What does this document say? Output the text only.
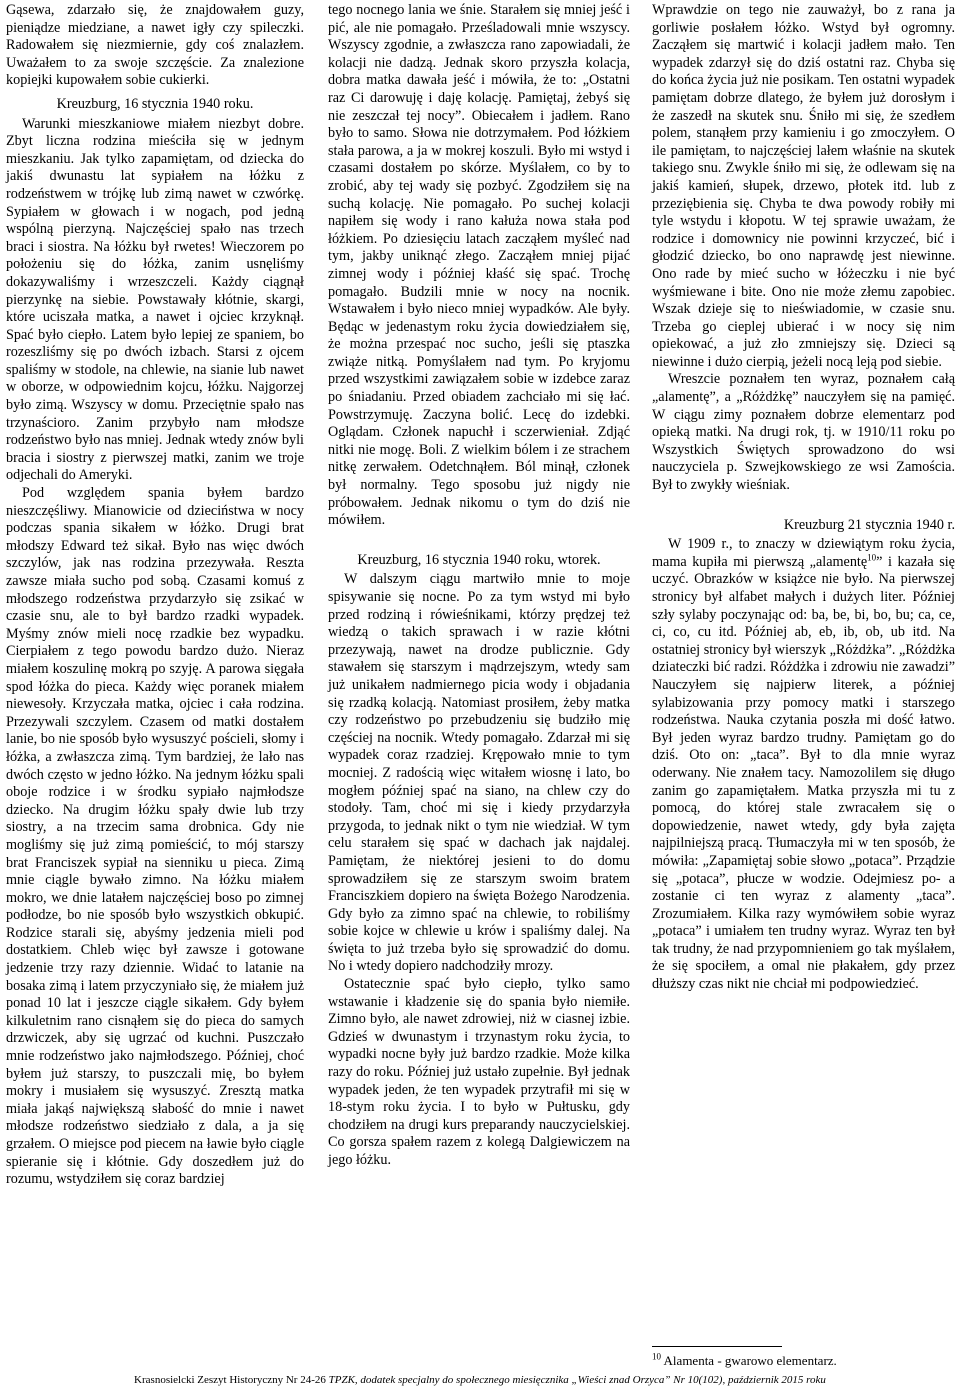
Gąsewa, zdarzało się, że znajdowałem guzy, pieniądze miedziane, a nawet igły czy spileczki. Radowałem się niezmiernie, gdy coś znalazłem. Uważałem to za swoje szczęście. Za znalezione kopiejki kupowałem sobie cukierki.

Kreuzburg, 16 stycznia 1940 roku.

Warunki mieszkaniowe miałem niezbyt dobre. Zbyt liczna rodzina mieściła się w jednym mieszkaniu. Jak tylko zapamiętam, od dziecka do jakiś dwunastu lat sypiałem na łóżku z rodzeństwem w trójkę lub zimą nawet w czwórkę. Sypiałem w głowach i w nogach, pod jedną wspólną pierzyną. Najczęściej spało nas trzech braci i siostra. Na łóżku był rwetes! Wieczorem po położeniu się do łóżka, zanim usnęliśmy dokazywaliśmy i wrzeszczeli. Każdy ciągnął pierzynkę na siebie. Powstawały kłótnie, skargi, które uciszała matka, a nawet i ojciec krzyknął. Spać było ciepło. Latem było lepiej ze spaniem, bo rozeszliśmy się po dwóch izbach. Starsi z ojcem spaliśmy w stodole, na chlewie, na sianie lub nawet w oborze, w odpowiednim kojcu, łóżku. Najgorzej było zimą. Wszyscy w domu. Przeciętnie spało nas trzynaścioro. Zanim przybyło nam młodsze rodzeństwo było nas mniej. Jednak wtedy znów byli bracia i siostry z pierwszej matki, zanim we troje odjechali do Ameryki.

Pod względem spania byłem bardzo nieszczęśliwy. Mianowicie od dzieciństwa w nocy podczas spania sikałem w łóżko. Drugi brat młodszy Edward też sikał. Było nas więc dwóch szczylów, jak nas rodzina przezywała. Reszta zawsze miała sucho pod sobą. Czasami komuś z młodszego rodzeństwa przydarzyło się zsikać w czasie snu, ale to był bardzo rzadki wypadek. Myśmy znów mieli nocę rzadkie bez wypadku. Cierpiałem z tego powodu bardzo dużo. Nieraz miałem koszulinę mokrą po szyję. A parowa sięgała spod łóżka do pieca. Każdy więc poranek miałem niewesoły. Krzyczała matka, ojciec i cała rodzina. Przezywali szczylem. Czasem od matki dostałem lanie, bo nie sposób było wysuszyć pościeli, słomy i łóżka, a zwłaszcza zimą. Tym bardziej, że lało nas dwóch często w jedno łóżko. Na jednym łóżku spali oboje rodzice i w środku sypiało najmłodsze dziecko. Na drugim łóżku spały dwie lub trzy siostry, a na trzecim sama drobnica. Gdy nie mogliśmy się już zimą pomieścić, to mój starszy brat Franciszek sypiał na sienniku u pieca. Zimą mnie ciągle bywało zimno. Na łóżku miałem mokro, we dnie latałem najczęściej boso po zimnej podłodze, bo nie sposób było wszystkich obkupić. Rodzice starali się, abyśmy jedzenia mieli pod dostatkiem. Chleb więc był zawsze i gotowane jedzenie trzy razy dziennie. Widać to latanie na bosaka zimą i latem przyczyniało się, że miałem już ponad 10 lat i jeszcze ciągle sikałem. Gdy byłem kilkuletnim rano cisnąłem się do pieca do samych drzwiczek, aby się ugrzać od kuchni. Puszczało mnie rodzeństwo jako najmłodszego. Później, choć byłem już starszy, to puszczali mię, bo byłem mokry i musiałem się wysuszyć. Zresztą matka miała jakąś największą słabość do mnie i nawet młodsze rodzeństwo siedziało z dala, a ja się grzałem. O miejsce pod piecem na ławie było ciągle spieranie się i kłótnie. Gdy doszedłem już do rozumu, wstydziłem się coraz bardziej

tego nocnego lania we śnie. Starałem się mniej jeść i pić, ale nie pomagało. Prześladowali mnie wszyscy. Wszyscy zgodnie, a zwłaszcza rano zapowiadali, że kolacji nie dadzą. Jednak skoro przyszła kolacja, dobra matka dawała jeść i mówiła, że to: „Ostatni raz Ci darowuję i daję kolację. Pamiętaj, żebyś się nie zeszczał tej nocy”. Obiecałem i jadłem. Rano było to samo. Słowa nie dotrzymałem. Pod łóżkiem stała parowa, a ja w mokrej koszuli. Było mi wstyd i czasami dostałem po skórze. Myślałem, co by to zrobić, aby tej wady się pozbyć. Zgodziłem się na suchą kolację. Nie pomagało. Po suchej kolacji napiłem się wody i rano kałuża nowa stała pod łóżkiem. Po dziesięciu latach zacząłem myśleć nad tym, jakby uniknąć złego. Zacząłem mniej pijać zimnej wody i później kłaść się spać. Trochę pomagało. Budzili mnie w nocy na nocnik. Wstawałem i było nieco mniej wypadków. Ale były. Będąc w jedenastym roku życia dowiedziałem się, że można przespać noc sucho, jeśli się ptaszka zwiąże nitką. Pomyślałem nad tym. Po kryjomu przed wszystkimi zawiązałem sobie w izdebce zaraz po śniadaniu. Przed obiadem zachciało mi się łać. Powstrzymuję. Zaczyna bolić. Lecę do izdebki. Oglądam. Członek napuchł i sczerwieniał. Zdjąć nitki nie mogę. Boli. Z wielkim bólem i ze strachem nitkę zerwałem. Odetchnąłem. Ból minął, członek był normalny. Tego sposobu już nigdy nie próbowałem. Jednak nikomu o tym do dziś nie mówiłem.

Kreuzburg, 16 stycznia 1940 roku, wtorek.

W dalszym ciągu martwiło mnie to moje spisywanie się nocne. Po za tym wstyd mi było przed rodziną i rówieśnikami, którzy prędzej też wiedzą o takich sprawach i w razie kłótni przezywają, nawet na drodze publicznie. Gdy stawałem się starszym i mądrzejszym, wtedy sam już unikałem nadmiernego picia wody i objadania się rzadką kolacją. Natomiast prosiłem, żeby matka czy rodzeństwo po przebudzeniu się budziło mię częściej na nocnik. Wtedy pomagało. Zdarzał mi się wypadek coraz rzadziej. Krępowało mnie to tym mocniej. Z radością więc witałem wiosnę i lato, bo mogłem później spać na siano, na chlew czy do stodoły. Tam, choć mi się i kiedy przydarzyła przygoda, to jednak nikt o tym nie wiedział. W tym celu starałem się spać w dachach jak najdalej. Pamiętam, że niektórej jesieni to do domu sprowadziłem się ze starszym swoim bratem Franciszkiem dopiero na święta Bożego Narodzenia. Gdy było za zimno spać na chlewie, to robiliśmy sobie kojce w chlewie u krów i spaliśmy dalej. Na święta to już trzeba było się sprowadzić do domu. No i wtedy dopiero nadchodziły mrozy.

Ostatecznie spać było ciepło, tylko samo wstawanie i kładzenie się do spania było niemiłe. Zimno było, ale nawet zdrowiej, niż w ciasnej izbie. Gdzieś w dwunastym i trzynastym roku życia, to wypadki nocne były już bardzo rzadkie. Może kilka razy do roku. Później już ustało zupełnie. Był jednak wypadek jeden, że ten wypadek przytrafił mi się w 18-stym roku życia. I to było w Pułtusku, gdy chodziłem na drugi kurs preparandy nauczycielskiej. Co gorsza spałem razem z kolegą Dalgiewiczem na jego łóżku.

Wprawdzie on tego nie zauważył, bo z rana ja gorliwie posłałem łóżko. Wstyd był ogromny. Zacząłem się martwić i kolacji jadłem mało. Ten wypadek zdarzył się do dziś ostatni raz. Chyba się do końca życia już nie posikam. Ten ostatni wypadek pamiętam dobrze dlatego, że byłem już dorosłym i że zaszedł na skutek snu. Śniło mi się, że szedłem polem, stanąłem przy kamieniu i go zmoczyłem. O ile pamiętam, to najczęściej lałem właśnie na skutek takiego snu. Zwykle śniło mi się, że odlewam się na jakiś kamień, słupek, drzewo, płotek itd. lub z przeziębienia się. Chyba te dwa powody robiły mi tyle wstydu i kłopotu. W tej sprawie uważam, że rodzice i domownicy nie powinni krzyczeć, bić i głodzić dziecko, bo ono naprawdę jest niewinne. Ono rade by mieć sucho w łóżeczku i nie być wyśmiewane i bite. Ono nie może złemu zapobiec. Wszak dzieje się to nieświadomie, w czasie snu. Trzeba go cieplej ubierać i w nocy się nim opiekować, a już zło zmniejszy się. Dzieci są niewinne i dużo cierpią, jeżeli nocą leją pod siebie.

Wreszcie poznałem ten wyraz, poznałem całą „alamentę”, a „Różdżkę” nauczyłem się na pamięć. W ciągu zimy poznałem dobrze elementarz pod opieką matki. Na drugi rok, tj. w 1910/11 roku po Wszystkich Świętych sprowadzono do wsi nauczyciela p. Szwejkowskiego ze wsi Zamościa. Był to zwykły wieśniak.

Kreuzburg 21 stycznia 1940 r.

W 1909 r., to znaczy w dziewiątym roku życia, mama kupiła mi pierwszą „alamentę$^{10}$” i kazała się uczyć. Obrazków w książce nie było. Na pierwszej stronicy był alfabet małych i dużych liter. Później szły sylaby poczynając od: ba, be, bi, bo, bu; ca, ce, ci, co, cu itd. Później ab, eb, ib, ob, ub itd. Na ostatniej stronicy był wierszyk „Różdżka”. „Różdżka dziateczki bić radzi. Różdżka i zdrowiu nie zawadzi” Nauczyłem się najpierw literek, a później sylabizowania przy pomocy matki i starszego rodzeństwa. Nauka czytania poszła mi dość łatwo. Był jeden wyraz bardzo trudny. Pamiętam go do dziś. Oto on: „taca”. Był to dla mnie wyraz oderwany. Nie znałem tacy. Namozolilem się długo zanim go zapamiętałem. Matka przyszła mi tu z pomocą, do której stale zwracałem się o dopowiedzenie, nawet wtedy, gdy była zajęta najpilniejszą pracą. Tłumaczyła mi w ten sposób, że mówiła: „Zapamiętaj sobie słowo „potaca”. Prządzie się „potaca”, płucze w wodzie. Odejmiesz po- a zostanie ci ten wyraz z alamenty „taca”. Zrozumiałem. Kilka razy wymówiłem sobie wyraz „potaca” i umiałem ten trudny wyraz. Wyraz ten był tak trudny, że nad przypomnieniem go tak myślałem, że się spociłem, a omal nie płakałem, gdy przez dłuższy czas nikt nie chciał mi podpowiedzieć.

$^{10}$ Alamenta - gwarowo elementarz.
Krasnosielcki Zeszyt Historyczny Nr 24-26 TPZK, dodatek specjalny do społecznego miesięcznika „Wieści znad Orzyca” Nr 10(102), październik 2015 roku
